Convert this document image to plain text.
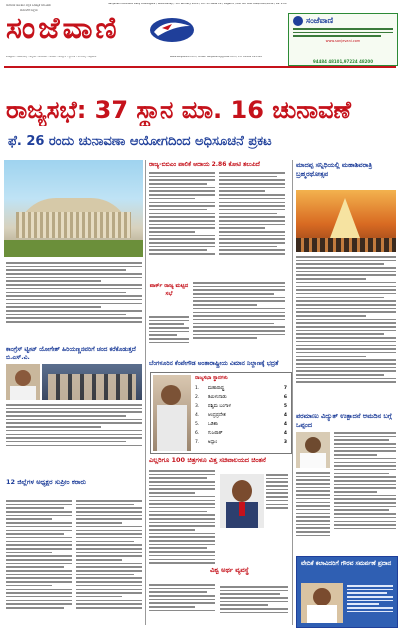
ಸಾಮಾಜಿಕ ಜಾಲತಾಣ ಕನ್ನಡ ದಿನಪತ್ರಿಕೆ ಸಮೂಹದ
ದಾವಣಗೆರೆ ಜಿಲ್ಲೆಯ
ಸಂಜೆವಾಣಿ
Sanjevani Kannada Daily Davangere / Wednesday / 19 February 2020 / Vol. 21 Issue 29 / Pages 6 / RNI No. KAR KAN/2000/1649 / Rs. 2.00
ಸಂಜೆವಾಣಿ
www.sanjevani.com
94484 48101,97224 48200
ಕೊಟ್ಟೂರು - ಹರಪನಹಳ್ಳಿ - ಚನ್ನಗಿರಿ - ಜಗಳೂರು - ಹರಿಹರ - ಹೊನ್ನಾಳಿ - ನ್ಯಾಮತಿ - ಶಿವಮೊಗ್ಗ - ಚಿತ್ರದುರ್ಗ	www.sanjevani.com / email: sanjevani@gmail.com / Ph: 08192 225565
ರಾಜ್ಯಸಭೆ: 37 ಸ್ಥಾನ ಮಾ. 16 ಚುನಾವಣೆ
ಫೆ. 26 ರಂದು ಚುನಾವಣಾ ಆಯೋಗದಿಂದ ಅಧಿಸೂಚನೆ ಪ್ರಕಟ
ಕಾಂಗ್ರೆಸ್ ಟ್ವೀಟ್ ಯೋಗೇಶ್ ಹಿರಿಯಣ್ಣನವರಿಗೆ ಚಂದ ಕರೆಕೊಡುತ್ತದೆ ಬಿ.ಎಸ್.ವಿ.
12 ಜಿಲ್ಲೆಗಳ ಅಧ್ಯಕ್ಷರ ಸುಪ್ರೀಂ ಕರಾರು
ರಾಜ್ಯ-ಬಿಬಿಎಂ ಪಾಲಿಕೆ ಆದಾಯ 2.86 ಕೋಟಿ ತಲುಪಿದೆ
ಪಾರ್ಕ್ ರಾಜ್ಯ ಮಟ್ಟದ ಸಭೆ
ಬೆಂಗಳೂರಿನ ಕೆಂಪೇಗೌಡ ಅಂತಾರಾಷ್ಟ್ರೀಯ ವಿಮಾನ ನಿಲ್ದಾಣಕ್ಕೆ ಭದ್ರತೆ
ರಾಜ್ಯಸಭಾ ಸ್ಥಾನಗಳು
1.	ಮಹಾರಾಷ್ಟ್ರ	7
2.	ತಮಿಳುನಾಡು	6
3.	ಪಶ್ಚಿಮ ಬಂಗಾಳ	5
4.	ಆಂಧ್ರಪ್ರದೇಶ	4
5.	ಒಡಿಶಾ	4
6.	ಗುಜರಾತ್	4
7.	ಅಸ್ಸಾಂ	3
ಎಲ್ಲರಿಗೂ 100 ಚಿತ್ರಗಳೂ ವಿತ್ತ ಸಚಿವಾಲಯದ ಚಿಂತನೆ
ವಿಶ್ವ ಅರ್ಥ ವ್ಯವಸ್ಥೆ
ಮಾದಪ್ಪ ಸನ್ನಿಧಿಯಲ್ಲಿ ಮಹಾಶಿವರಾತ್ರಿ ಬ್ರಹ್ಮರಥೋತ್ಸವ
ಪರಮಾಣು ವಿದ್ಯುತ್ ಉತ್ಪಾದನೆ ಆಮದಿನ ಬಗ್ಗೆ ಒಪ್ಪಂದ
ವೇದಿಕೆ ಕಲಾವಿದರಿಗೆ ಗೌರವ ಸಮರ್ಪಣೆ ಪ್ರದಾನ
